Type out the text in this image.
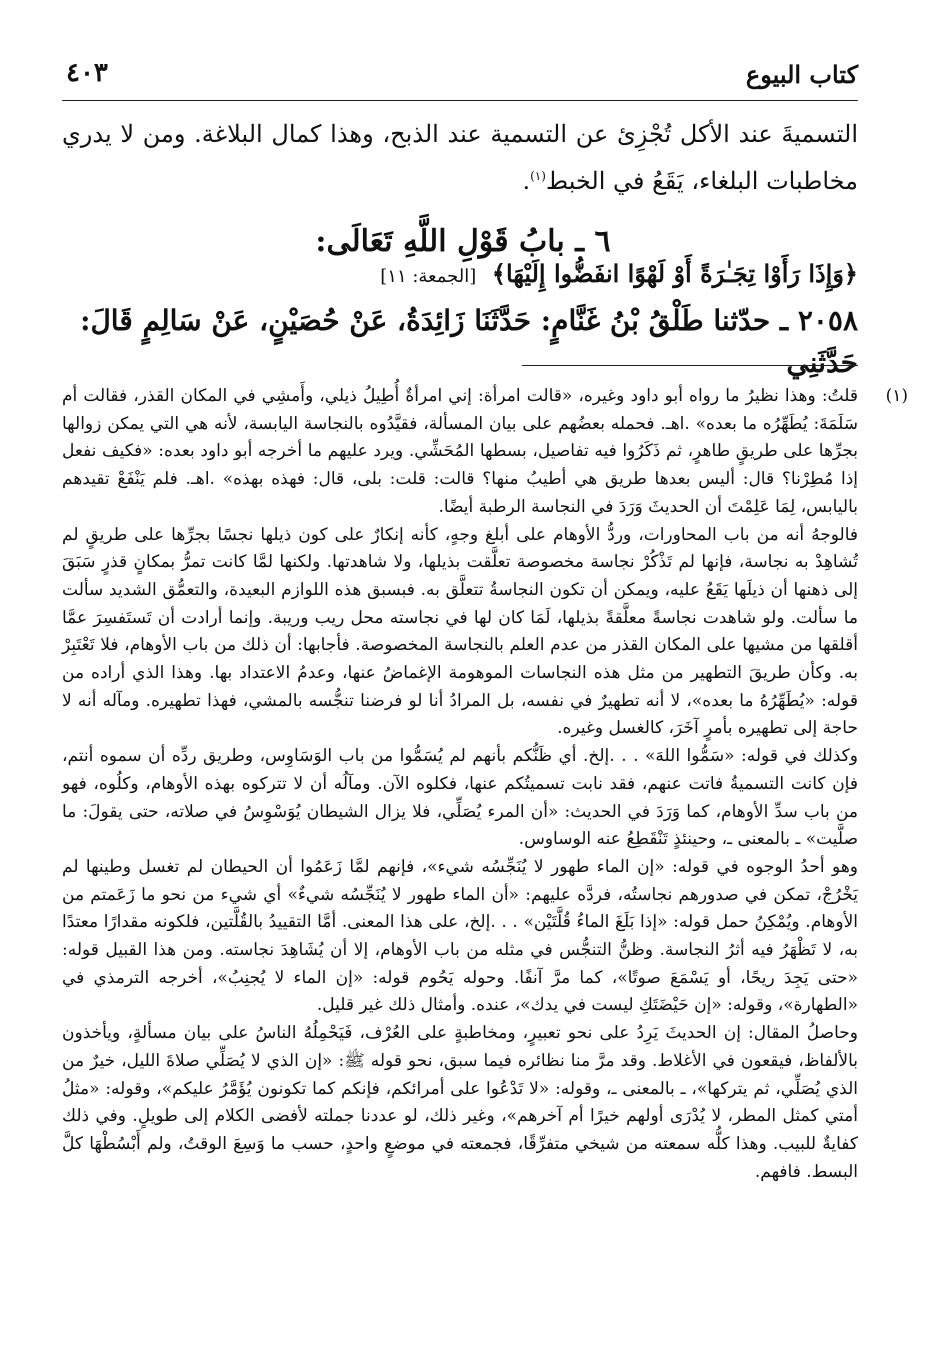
كتاب البيوع
٤٠٣
التسميةَ عند الأكل تُجْزِئ عن التسمية عند الذبح، وهذا كمال البلاغة. ومن لا يدري مخاطبات البلغاء، يَقَعُ في الخبط$^{(١)}$.
٦ ـ بابُ قَوْلِ اللَّهِ تَعَالَى:
﴿وَإِذَا رَأَوْا تِجَـٰرَةً أَوْ لَهْوًا انفَضُّوا إِلَيْهَا﴾ [الجمعة: ١١]
٢٠٥٨ ـ حدّثنا طَلْقُ بْنُ غَنَّامٍ: حَدَّثَنَا زَائِدَةُ، عَنْ حُصَيْنٍ، عَنْ سَالِمٍ قَالَ: حَدَّثَنِي
(١)

قلتُ: وهذا نظيرُ ما رواه أبو داود وغيره، «قالت امرأة: إني امرأةٌ أُطِيلُ ذيلي، وأَمشِي في المكان القذر، فقالت أم سَلَمَةَ: يُطَهِّرُه ما بعده» .اهـ. فحمله بعضُهم على بيان المسألة، فقيَّدُوه بالنجاسة اليابسة، لأنه هي التي يمكن زوالها بجرِّها على طريقٍ طاهرٍ، ثم ذَكَرُوا فيه تفاصيل، بسطها المُحَشِّي. ويرد عليهم ما أخرجه أبو داود بعده: «فكيف نفعل إذا مُطِرْنا؟ قال: أليس بعدها طريق هي أطيبُ منها؟ قالت: قلت: بلى، قال: فهذه بهذه» .اهـ. فلم يَنْفَعْ تقيدهم باليابس، لِمَا عَلِمْتَ أن الحديثَ وَرَدَ في النجاسة الرطبة أيضًا.

فالوجهُ أنه من باب المحاورات، وردُّ الأوهام على أبلغ وجهٍ، كأنه إنكارٌ على كون ذيلها نجسًا بجرِّها على طريقٍ لم تُشاهِدْ به نجاسة، فإنها لم تَذْكُرْ نجاسة مخصوصة تعلَّقت بذيلها، ولا شاهدتها. ولكنها لمَّا كانت تمرُّ بمكانٍ قذرٍ سَبَقَ إلى ذهنها أن ذيلَها يَقَعُ عليه، ويمكن أن تكون النجاسةُ تتعلَّق به. فبسبق هذه اللوازم البعيدة، والتعمُّق الشديد سألت ما سألت. ولو شاهدت نجاسةً معلَّقةً بذيلها، لَمَا كان لها في نجاسته محل ريب وريبة. وإنما أرادت أن تَستَفسِرَ عمَّا أقلقها من مشيها على المكان القذر من عدم العلم بالنجاسة المخصوصة. فأجابها: أن ذلك من باب الأوهام، فلا تَعْتَبِرْ به. وكأن طريقَ التطهير من مثل هذه النجاسات الموهومة الإغماضُ عنها، وعدمُ الاعتداد بها. وهذا الذي أراده من قوله: «يُطَهِّرُهُ ما بعده»، لا أنه تطهيرٌ في نفسه، بل المرادُ أنا لو فرضنا تنجُّسه بالمشي، فهذا تطهيره. ومآله أنه لا حاجة إلى تطهيره بأمرٍ آخَرَ، كالغسل وغيره.

وكذلك في قوله: «سَمُّوا اللهَ» . . .إلخ. أي ظَنُّكم بأنهم لم يُسَمُّوا من باب الوَسَاوِس، وطريق ردِّه أن سموه أنتم، فإن كانت التسميةُ فاتت عنهم، فقد نابت تسميتُكم عنها، فكلوه الآن. ومآلُه أن لا تتركوه بهذه الأوهام، وكلُوه، فهو من باب سدِّ الأوهام، كما وَرَدَ في الحديث: «أن المرء يُصَلِّي، فلا يزال الشيطان يُوَسْوِسُ في صلاته، حتى يقولَ: ما صلَّيت» ـ بالمعنى ـ، وحينئذٍ تَنْقَطِعُ عنه الوساوس.

وهو أحدُ الوجوه في قوله: «إن الماء طهور لا يُنَجِّسُه شيء»، فإنهم لمَّا زَعَمُوا أن الحيطان لم تغسل وطينها لم يَخْرُجْ، تمكن في صدورهم نجاستُه، فردَّه عليهم: «أن الماء طهور لا يُنَجِّسُه شيءٌ» أي شيء من نحو ما زَعَمتم من الأوهام. ويُمْكِنُ حمل قوله: «إذا بَلَغَ الماءُ قُلَّتَيْن» . . .إلخ، على هذا المعنى. أمَّا التقييدُ بالقُلَّتين، فلكونه مقدارًا معتدًا به، لا تَظْهَرُ فيه أثرُ النجاسة. وظنُّ التنجُّس في مثله من باب الأوهام، إلا أن يُشَاهِدَ نجاسته. ومن هذا القبيل قوله: «حتى يَجِدَ ريحًا، أو يَسْمَعَ صوتًا»، كما مرَّ آنفًا. وحوله يَحُوم قوله: «إن الماء لا يُجنِبُ»، أخرجه الترمذي في «الطهارة»، وقوله: «إن حَيْضَتَكِ ليست في يدك»، عنده. وأمثال ذلك غير قليل.

وحاصلُ المقال: إن الحديثَ يَرِدُ على نحو تعبيرٍ، ومخاطبةٍ على العُرْف، فَيَحْمِلُهُ الناسُ على بيان مسألةٍ، ويأخذون بالألفاظ، فيقعون في الأغلاط. وقد مرَّ منا نظائره فيما سبق، نحو قوله ﷺ: «إن الذي لا يُصَلِّي صلاةَ الليل، خيرٌ من الذي يُصَلِّي، ثم يتركها»، ـ بالمعنى ـ، وقوله: «لا تَدْعُوا على أمرائكم، فإنكم كما تكونون يُؤَمَّرُ عليكم»، وقوله: «مثلُ أمتي كمثل المطر، لا يُدْرَى أولهم خيرًا أم آخرهم»، وغير ذلك، لو عددنا جملته لأفضى الكلام إلى طويلٍ. وفي ذلك كفايةٌ للبيب. وهذا كلُّه سمعته من شيخي متفرِّقًا، فجمعته في موضعٍ واحدٍ، حسب ما وَسِعَ الوقتُ، ولم أَبْسُطْهَا كلَّ البسط. فافهم.
